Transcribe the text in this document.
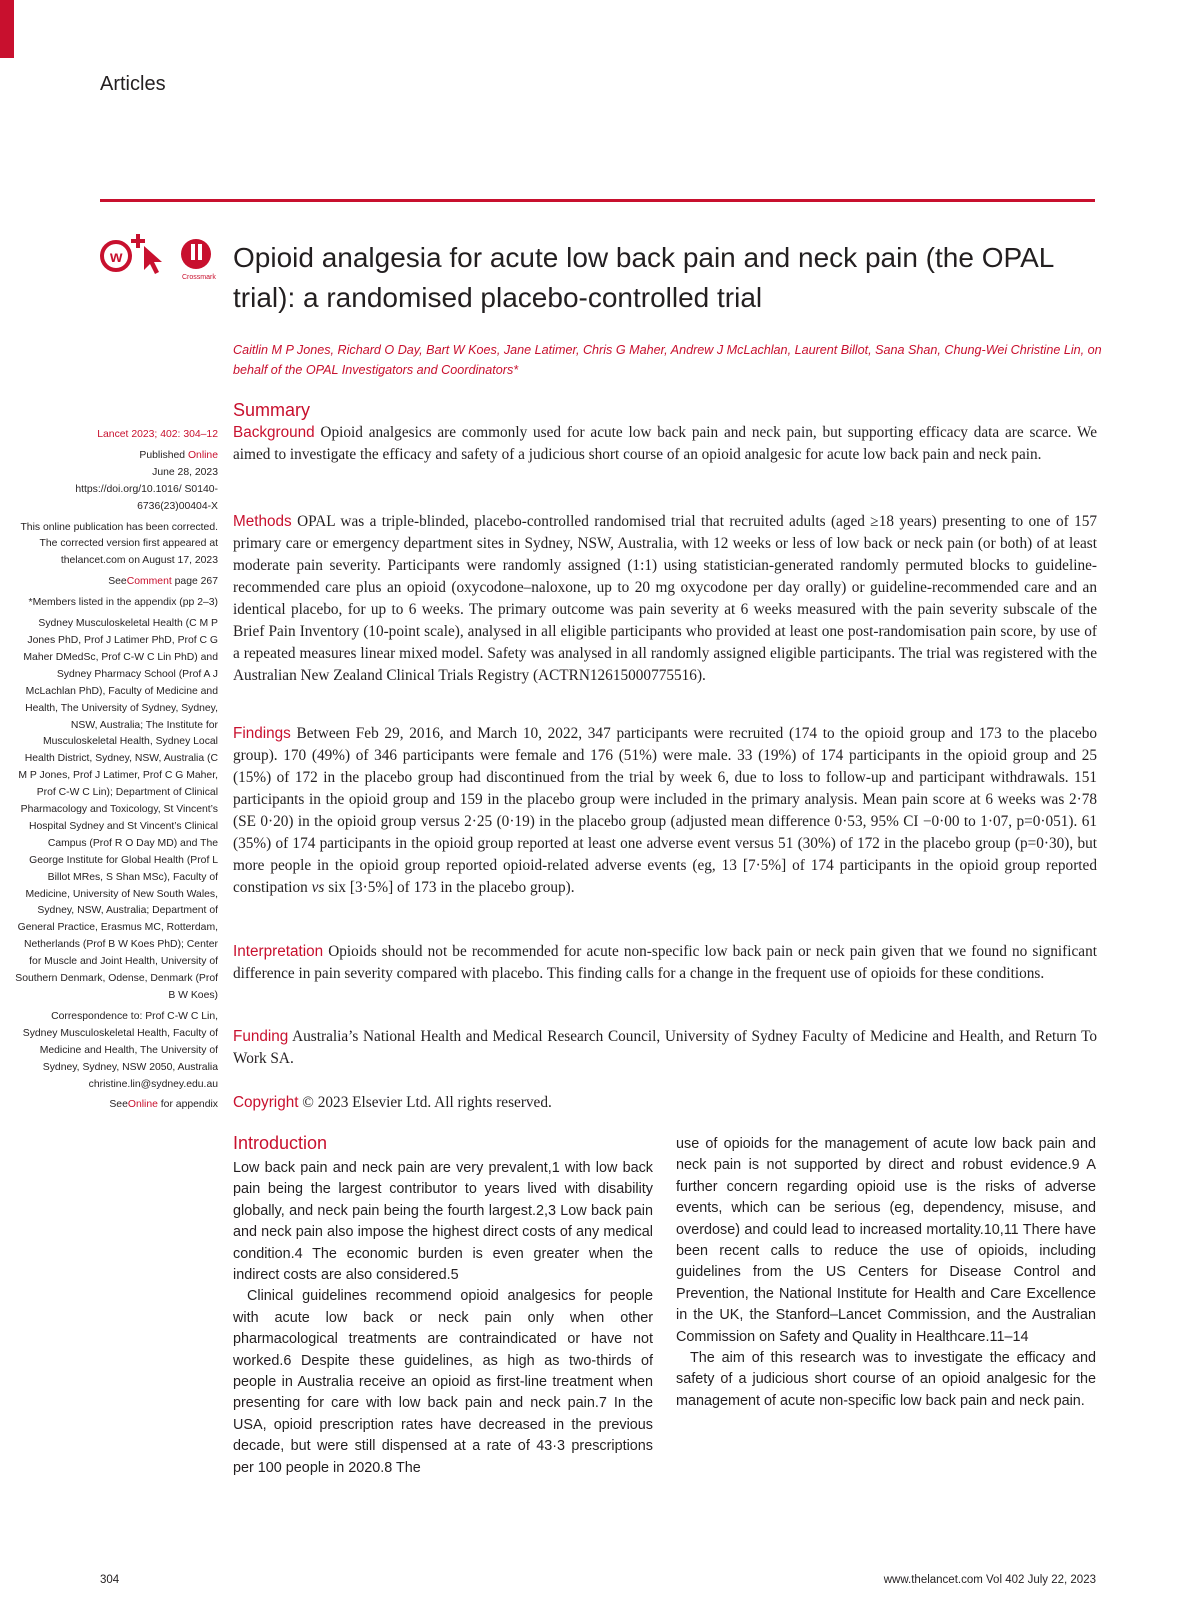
Articles
w
Crossmark
Opioid analgesia for acute low back pain and neck pain (the OPAL trial): a randomised placebo-controlled trial
Caitlin M P Jones, Richard O Day, Bart W Koes, Jane Latimer, Chris G Maher, Andrew J McLachlan, Laurent Billot, Sana Shan, Chung-Wei Christine Lin, on behalf of the OPAL Investigators and Coordinators*
Summary
Background Opioid analgesics are commonly used for acute low back pain and neck pain, but supporting efficacy data are scarce. We aimed to investigate the efficacy and safety of a judicious short course of an opioid analgesic for acute low back pain and neck pain.
Methods OPAL was a triple-blinded, placebo-controlled randomised trial that recruited adults (aged ≥18 years) presenting to one of 157 primary care or emergency department sites in Sydney, NSW, Australia, with 12 weeks or less of low back or neck pain (or both) of at least moderate pain severity. Participants were randomly assigned (1:1) using statistician-generated randomly permuted blocks to guideline-recommended care plus an opioid (oxycodone–naloxone, up to 20 mg oxycodone per day orally) or guideline-recommended care and an identical placebo, for up to 6 weeks. The primary outcome was pain severity at 6 weeks measured with the pain severity subscale of the Brief Pain Inventory (10-point scale), analysed in all eligible participants who provided at least one post-randomisation pain score, by use of a repeated measures linear mixed model. Safety was analysed in all randomly assigned eligible participants. The trial was registered with the Australian New Zealand Clinical Trials Registry (ACTRN12615000775516).
Findings Between Feb 29, 2016, and March 10, 2022, 347 participants were recruited (174 to the opioid group and 173 to the placebo group). 170 (49%) of 346 participants were female and 176 (51%) were male. 33 (19%) of 174 participants in the opioid group and 25 (15%) of 172 in the placebo group had discontinued from the trial by week 6, due to loss to follow-up and participant withdrawals. 151 participants in the opioid group and 159 in the placebo group were included in the primary analysis. Mean pain score at 6 weeks was 2·78 (SE 0·20) in the opioid group versus 2·25 (0·19) in the placebo group (adjusted mean difference 0·53, 95% CI −0·00 to 1·07, p=0·051). 61 (35%) of 174 participants in the opioid group reported at least one adverse event versus 51 (30%) of 172 in the placebo group (p=0·30), but more people in the opioid group reported opioid-related adverse events (eg, 13 [7·5%] of 174 participants in the opioid group reported constipation vs six [3·5%] of 173 in the placebo group).
Interpretation Opioids should not be recommended for acute non-specific low back pain or neck pain given that we found no significant difference in pain severity compared with placebo. This finding calls for a change in the frequent use of opioids for these conditions.
Funding Australia’s National Health and Medical Research Council, University of Sydney Faculty of Medicine and Health, and Return To Work SA.
Copyright © 2023 Elsevier Ltd. All rights reserved.

Lancet 2023; 402: 304–12

Published Online
June 28, 2023
https://doi.org/10.1016/ S0140-6736(23)00404-X

This online publication has been corrected. The corrected version first appeared at thelancet.com on August 17, 2023

SeeComment page 267

*Members listed in the appendix (pp 2–3)

Sydney Musculoskeletal Health (C M P Jones PhD, Prof J Latimer PhD, Prof C G Maher DMedSc, Prof C-W C Lin PhD) and Sydney Pharmacy School (Prof A J McLachlan PhD), Faculty of Medicine and Health, The University of Sydney, Sydney, NSW, Australia; The Institute for Musculoskeletal Health, Sydney Local Health District, Sydney, NSW, Australia (C M P Jones, Prof J Latimer, Prof C G Maher, Prof C-W C Lin); Department of Clinical Pharmacology and Toxicology, St Vincent’s Hospital Sydney and St Vincent’s Clinical Campus (Prof R O Day MD) and The George Institute for Global Health (Prof L Billot MRes, S Shan MSc), Faculty of Medicine, University of New South Wales, Sydney, NSW, Australia; Department of General Practice, Erasmus MC, Rotterdam, Netherlands (Prof B W Koes PhD); Center for Muscle and Joint Health, University of Southern Denmark, Odense, Denmark (Prof B W Koes)

Correspondence to: Prof C-W C Lin, Sydney Musculoskeletal Health, Faculty of Medicine and Health, The University of Sydney, Sydney, NSW 2050, Australia christine.lin@sydney.edu.au

SeeOnline for appendix

Introduction

Low back pain and neck pain are very prevalent,1 with low back pain being the largest contributor to years lived with disability globally, and neck pain being the fourth largest.2,3 Low back pain and neck pain also impose the highest direct costs of any medical condition.4 The economic burden is even greater when the indirect costs are also considered.5

Clinical guidelines recommend opioid analgesics for people with acute low back or neck pain only when other pharmacological treatments are contraindicated or have not worked.6 Despite these guidelines, as high as two-thirds of people in Australia receive an opioid as first-line treatment when presenting for care with low back pain and neck pain.7 In the USA, opioid prescription rates have decreased in the previous decade, but were still dispensed at a rate of 43·3 prescriptions per 100 people in 2020.8 The

use of opioids for the management of acute low back pain and neck pain is not supported by direct and robust evidence.9 A further concern regarding opioid use is the risks of adverse events, which can be serious (eg, dependency, misuse, and overdose) and could lead to increased mortality.10,11 There have been recent calls to reduce the use of opioids, including guidelines from the US Centers for Disease Control and Prevention, the National Institute for Health and Care Excellence in the UK, the Stanford–Lancet Commission, and the Australian Commission on Safety and Quality in Healthcare.11–14

The aim of this research was to investigate the efficacy and safety of a judicious short course of an opioid analgesic for the management of acute non-specific low back pain and neck pain.

304	www.thelancet.com Vol 402 July 22, 2023
